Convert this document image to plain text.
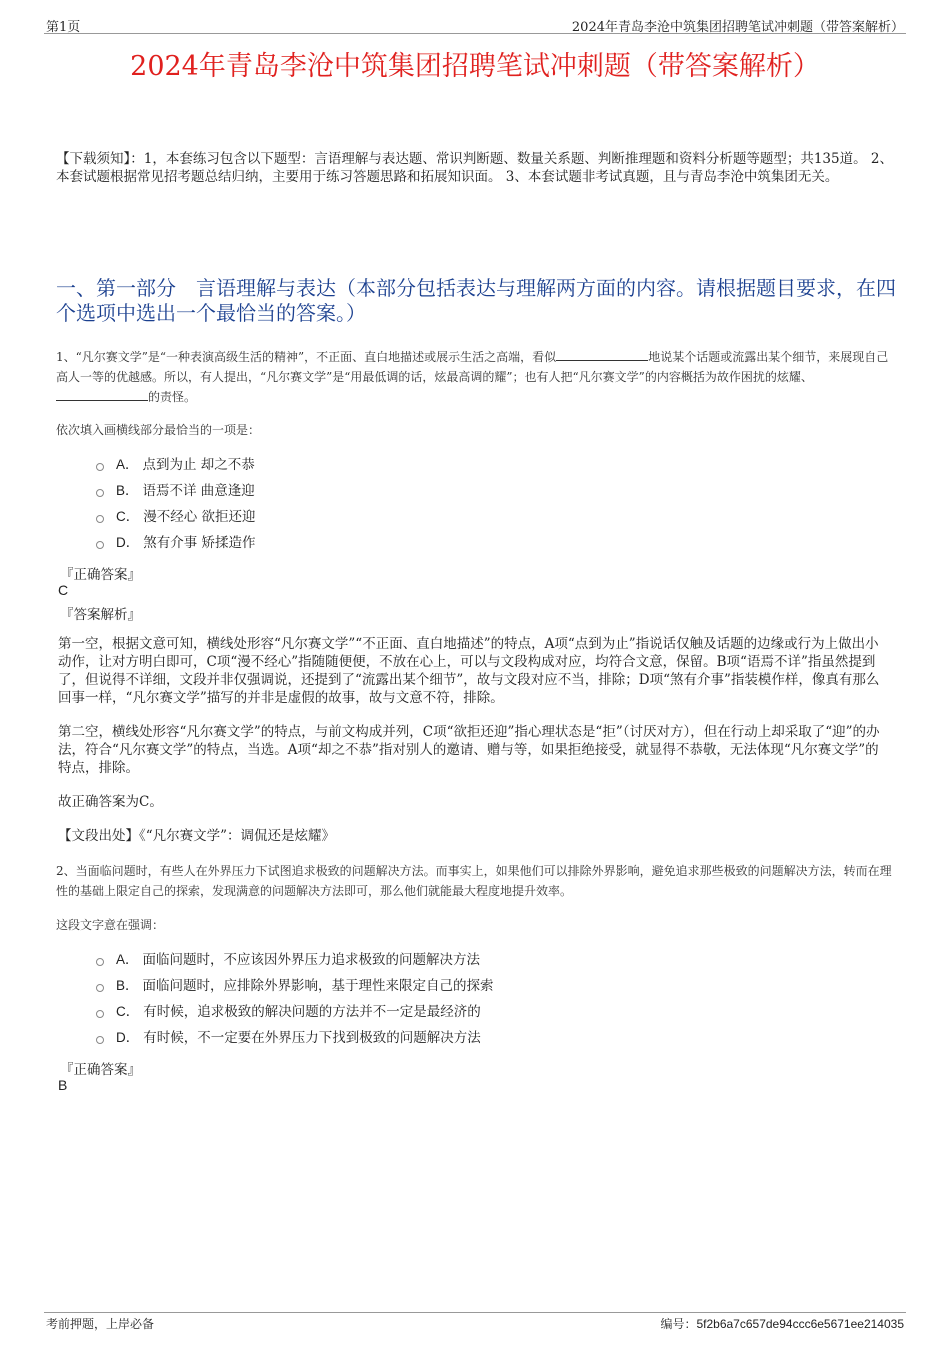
第1页	2024年青岛李沧中筑集团招聘笔试冲刺题（带答案解析）
2024年青岛李沧中筑集团招聘笔试冲刺题（带答案解析）
【下载须知】：1，本套练习包含以下题型：言语理解与表达题、常识判断题、数量关系题、判断推理题和资料分析题等题型；共135道。 2、本套试题根据常见招考题总结归纳，主要用于练习答题思路和拓展知识面。 3、本套试题非考试真题，且与青岛李沧中筑集团无关。
一、第一部分　言语理解与表达（本部分包括表达与理解两方面的内容。请根据题目要求，在四个选项中选出一个最恰当的答案。）
1、“凡尔赛文学”是“一种表演高级生活的精神”，不正面、直白地描述或展示生活之高端，看似	地说某个话题或流露出某个细节，来展现自己高人一等的优越感。所以，有人提出，“凡尔赛文学”是“用最低调的话，炫最高调的耀”；也有人把“凡尔赛文学”的内容概括为故作困扰的炫耀、的责怪。
依次填入画横线部分最恰当的一项是：
A． 点到为止 却之不恭
B． 语焉不详 曲意逢迎
C． 漫不经心 欲拒还迎
D． 煞有介事 矫揉造作
『正确答案』
C
『答案解析』
第一空，根据文意可知，横线处形容“凡尔赛文学”“不正面、直白地描述”的特点，A项“点到为止”指说话仅触及话题的边缘或行为上做出小动作，让对方明白即可，C项“漫不经心”指随随便便，不放在心上，可以与文段构成对应，均符合文意，保留。B项“语焉不详”指虽然提到了，但说得不详细，文段并非仅强调说，还提到了“流露出某个细节”，故与文段对应不当，排除；D项“煞有介事”指装模作样，像真有那么回事一样，“凡尔赛文学”描写的并非是虚假的故事，故与文意不符，排除。
第二空，横线处形容“凡尔赛文学”的特点，与前文构成并列，C项“欲拒还迎”指心理状态是“拒”（讨厌对方），但在行动上却采取了“迎”的办法，符合“凡尔赛文学”的特点，当选。A项“却之不恭”指对别人的邀请、赠与等，如果拒绝接受，就显得不恭敬，无法体现“凡尔赛文学”的特点，排除。
故正确答案为C。
【文段出处】《“凡尔赛文学”：调侃还是炫耀》
2、当面临问题时，有些人在外界压力下试图追求极致的问题解决方法。而事实上，如果他们可以排除外界影响，避免追求那些极致的问题解决方法，转而在理性的基础上限定自己的探索，发现满意的问题解决方法即可，那么他们就能最大程度地提升效率。
这段文字意在强调：
A． 面临问题时，不应该因外界压力追求极致的问题解决方法
B． 面临问题时，应排除外界影响，基于理性来限定自己的探索
C． 有时候，追求极致的解决问题的方法并不一定是最经济的
D． 有时候，不一定要在外界压力下找到极致的问题解决方法
『正确答案』
B
考前押题，上岸必备	编号：5f2b6a7c657de94ccc6e5671ee214035
